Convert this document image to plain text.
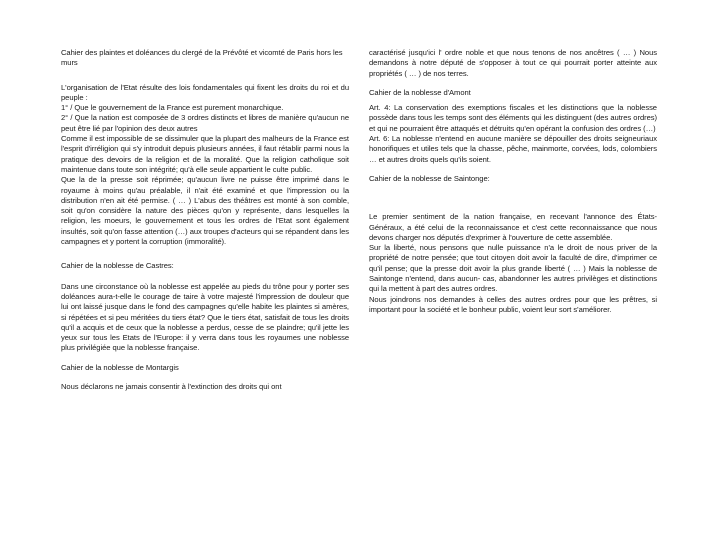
Cahier des plaintes et doléances du clergé de la Prévôté et vicomté de Paris hors les murs

L'organisation de l'Etat résulte des lois fondamentales qui fixent les droits du roi et du peuple :

1° / Que le gouvernement de la France est purement monarchique.

2° / Que la nation est composée de 3 ordres distincts et libres de manière qu'aucun ne peut être lié par l'opinion des deux autres

Comme il est impossible de se dissimuler que la plupart des malheurs de la France est l'esprit d'irréligion qui s'y introduit depuis plusieurs années, il faut rétablir parmi nous la pratique des devoirs de la religion et de la moralité. Que la religion catholique soit maintenue dans toute son intégrité; qu'à elle seule appartient le culte public.

Que la de la presse soit réprimée; qu'aucun livre ne puisse être imprimé dans le royaume à moins qu'au préalable, il n'ait été examiné et que l'impression ou la distribution n'en ait été permise. ( … ) L'abus des théâtres est monté à son comble, soit qu'on considère la nature des pièces qu'on y représente, dans lesquelles la religion, les moeurs, le gouvernement et tous les ordres de l'Etat sont également insultés, soit qu'on fasse attention (…) aux troupes d'acteurs qui se répandent dans les campagnes et y portent la corruption (immoralité).

Cahier de la noblesse de Castres:

Dans une circonstance où la noblesse est appelée au pieds du trône pour y porter ses doléances aura-t-elle le courage de taire à votre majesté l'impression de douleur que lui ont laissé jusque dans le fond des campagnes qu'elle habite les plaintes si amères, si répétées et si peu méritées du tiers état? Que le tiers état, satisfait de tous les droits qu'il a acquis et de ceux que la noblesse a perdus, cesse de se plaindre; qu'il jette les yeux sur tous les Etats de l'Europe: il y verra dans tous les royaumes une noblesse plus privilégiée que la noblesse française.

Cahier de la noblesse de Montargis

Nous déclarons ne jamais consentir à l'extinction des droits qui ont

caractérisé jusqu'ici l' ordre noble et que nous tenons de nos ancêtres ( … ) Nous demandons à notre député de s'opposer à tout ce qui pourrait porter atteinte aux propriétés ( … ) de nos terres.

Cahier de la noblesse d'Amont

Art. 4: La conservation des exemptions fiscales et les distinctions que la noblesse possède dans tous les temps sont des éléments qui les distinguent (des autres ordres) et qui ne pourraient être attaqués et détruits qu'en opérant la confusion des ordres (…)

Art. 6: La noblesse n'entend en aucune manière se dépouiller des droits seigneuriaux honorifiques et utiles tels que la chasse, pêche, mainmorte, corvées, lods, colombiers … et autres droits quels qu'ils soient.

Cahier de la noblesse de Saintonge:

Le premier sentiment de la nation française, en recevant l'annonce des États-Généraux, a été celui de la reconnaissance et c'est cette reconnaissance que nous devons charger nos députés d'exprimer à l'ouverture de cette assemblée.

Sur la liberté, nous pensons que nulle puissance n'a le droit de nous priver de la propriété de notre pensée; que tout citoyen doit avoir la faculté de dire, d'imprimer ce qu'il pense; que la presse doit avoir la plus grande liberté ( … ) Mais la noblesse de Saintonge n'entend, dans aucun- cas, abandonner les autres privilèges et distinctions qui la mettent à part des autres ordres.

Nous joindrons nos demandes à celles des autres ordres pour que les prêtres, si important pour la société et le bonheur public, voient leur sort s'améliorer.
